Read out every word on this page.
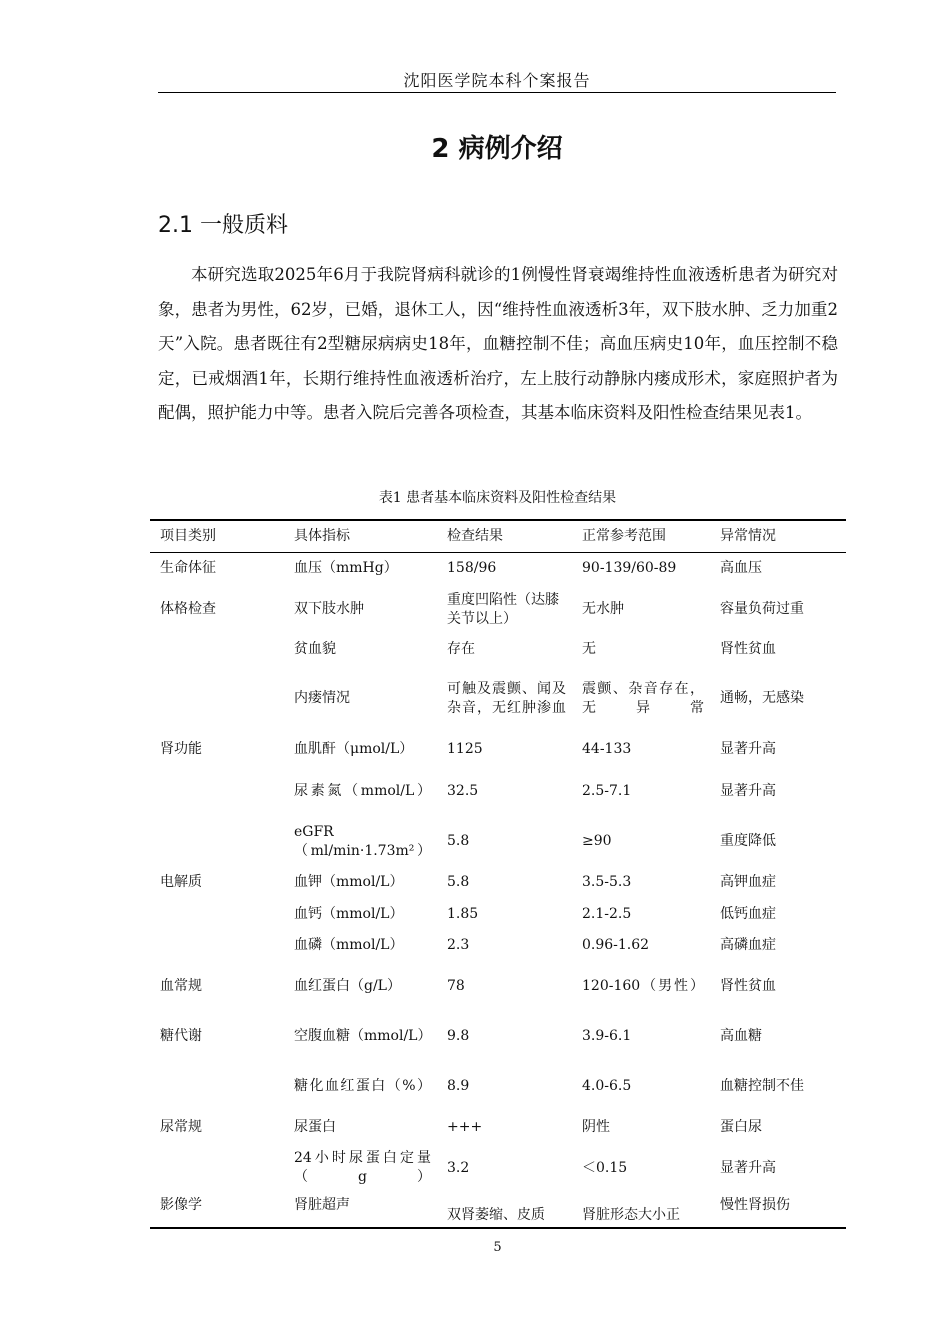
沈阳医学院本科个案报告
2 病例介绍
2.1 一般质料

本研究选取2025年6月于我院肾病科就诊的1例慢性肾衰竭维持性血液透析患者为研究对象，患者为男性，62岁，已婚，退休工人，因“维持性血液透析3年，双下肢水肿、乏力加重2天”入院。患者既往有2型糖尿病病史18年，血糖控制不佳；高血压病史10年，血压控制不稳定，已戒烟酒1年，长期行维持性血液透析治疗，左上肢行动静脉内瘘成形术，家庭照护者为配偶，照护能力中等。患者入院后完善各项检查，其基本临床资料及阳性检查结果见表1。

表1 患者基本临床资料及阳性检查结果
项目类别	具体指标	检查结果	正常参考范围	异常情况
生命体征	血压（mmHg）	158/96	90-139/60-89	高血压
体格检查	双下肢水肿	重度凹陷性（达膝关节以上）	无水肿	容量负荷过重
	贫血貌	存在	无	肾性贫血
	内瘘情况	可触及震颤、闻及杂音，无红肿渗血	震颤、杂音存在，无异常	通畅，无感染
肾功能	血肌酐（μmol/L）	1125	44-133	显著升高
	尿素氮（mmol/L）	32.5	2.5-7.1	显著升高
	eGFR（ml/min·1.73m²）	5.8	≥90	重度降低
电解质	血钾（mmol/L）	5.8	3.5-5.3	高钾血症
	血钙（mmol/L）	1.85	2.1-2.5	低钙血症
	血磷（mmol/L）	2.3	0.96-1.62	高磷血症
血常规	血红蛋白（g/L）	78	120-160（男性）	肾性贫血
糖代谢	空腹血糖（mmol/L）	9.8	3.9-6.1	高血糖
	糖化血红蛋白（%）	8.9	4.0-6.5	血糖控制不佳
尿常规	尿蛋白	+++	阴性	蛋白尿
	24小时尿蛋白定量（g）	3.2	＜0.15	显著升高
影像学	肾脏超声	双肾萎缩、皮质	肾脏形态大小正	慢性肾损伤
5
